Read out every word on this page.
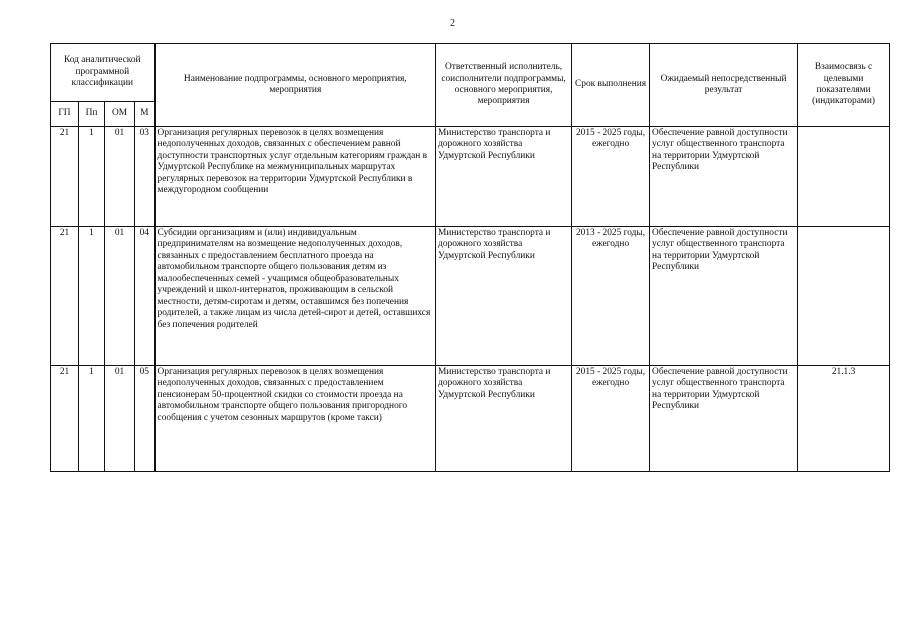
2
Код аналитической программной классификации				Наименование подпрограммы, основного мероприятия, мероприятия	Ответственный исполнитель, соисполнители подпрограммы, основного мероприятия, мероприятия	Срок выполнения	Ожидаемый непосредственный результат	Взаимосвязь с целевыми показателями (индикаторами)
ГП	Пп	ОМ	М					
21	1	01	03	Организация регулярных перевозок в целях возмещения недополученных доходов, связанных с обеспечением равной доступности транспортных услуг отдельным категориям граждан в Удмуртской Республике на межмуниципальных маршрутах регулярных перевозок на территории Удмуртской Республики в междугородном сообщении	Министерство транспорта и дорожного хозяйства Удмуртской Республики	2015 - 2025 годы, ежегодно	Обеспечение равной доступности услуг общественного транспорта на территории Удмуртской Республики	
21	1	01	04	Субсидии организациям и (или) индивидуальным предпринимателям на возмещение недополученных доходов, связанных с предоставлением бесплатного проезда на автомобильном транспорте общего пользования детям из малообеспеченных семей - учащимся общеобразовательных учреждений и школ-интернатов, проживающим в сельской местности, детям-сиротам и детям, оставшимся без попечения родителей, а также лицам из числа детей-сирот и детей, оставшихся без попечения родителей	Министерство транспорта и дорожного хозяйства Удмуртской Республики	2013 - 2025 годы, ежегодно	Обеспечение равной доступности услуг общественного транспорта на территории Удмуртской Республики	
21	1	01	05	Организация регулярных перевозок в целях возмещения недополученных доходов, связанных с предоставлением пенсионерам 50-процентной скидки со стоимости проезда на автомобильном транспорте общего пользования пригородного сообщения с учетом сезонных маршрутов (кроме такси)	Министерство транспорта и дорожного хозяйства Удмуртской Республики	2015 - 2025 годы, ежегодно	Обеспечение равной доступности услуг общественного транспорта на территории Удмуртской Республики	21.1.3
